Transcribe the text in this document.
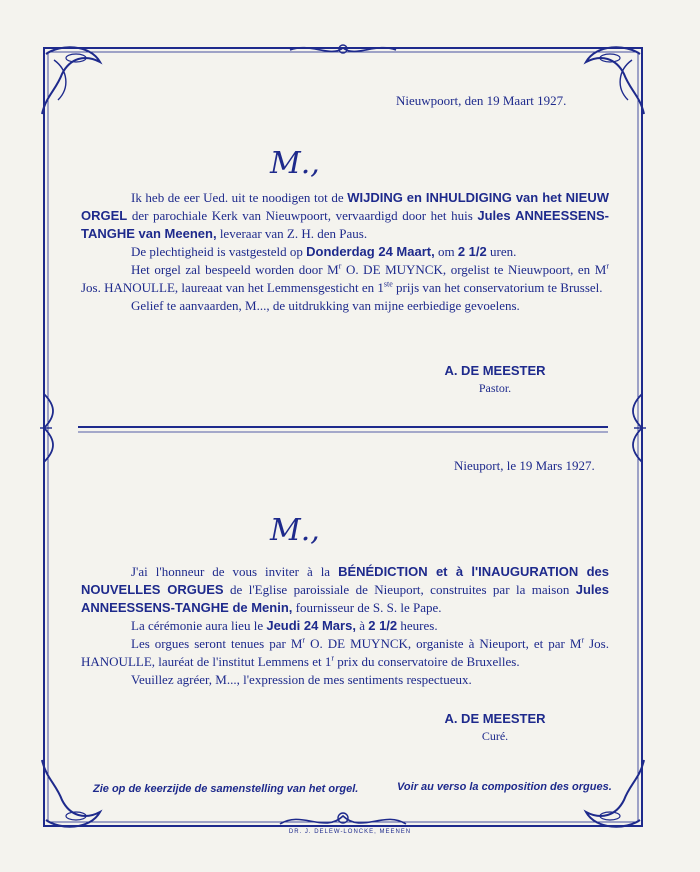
Nieuwpoort, den 19 Maart 1927.
M.,

Ik heb de eer Ued. uit te noodigen tot de WIJDING en INHULDIGING van het NIEUW ORGEL der parochiale Kerk van Nieuwpoort, vervaardigd door het huis Jules ANNEESSENS-TANGHE van Meenen, leveraar van Z. H. den Paus.

De plechtigheid is vastgesteld op Donderdag 24 Maart, om 2 1/2 uren.

Het orgel zal bespeeld worden door $M^r$ O. DE MUYNCK, orgelist te Nieuwpoort, en $M^r$ Jos. HANOULLE, laureaat van het Lemmensgesticht en 1ste prijs van het conservatorium te Brussel.

Gelief te aanvaarden, M..., de uitdrukking van mijne eerbiedige gevoelens.

A. DE MEESTER
Pastor.
Nieuport, le 19 Mars 1927.
M.,

J'ai l'honneur de vous inviter à la BÉNÉDICTION et à l'INAUGURATION des NOUVELLES ORGUES de l'Eglise paroissiale de Nieuport, construites par la maison Jules ANNEESSENS-TANGHE de Menin, fournisseur de S. S. le Pape.

La cérémonie aura lieu le Jeudi 24 Mars, à 2 1/2 heures.

Les orgues seront tenues par $M^r$ O. DE MUYNCK, organiste à Nieuport, et par $M^r$ Jos. HANOULLE, lauréat de l'institut Lemmens et 1$^r$ prix du conservatoire de Bruxelles.

Veuillez agréer, M..., l'expression de mes sentiments respectueux.

A. DE MEESTER
Curé.
Zie op de keerzijde de samenstelling van het orgel.	Voir au verso la composition des orgues.
DR. J. DELEW-LONCKE, MEENEN
